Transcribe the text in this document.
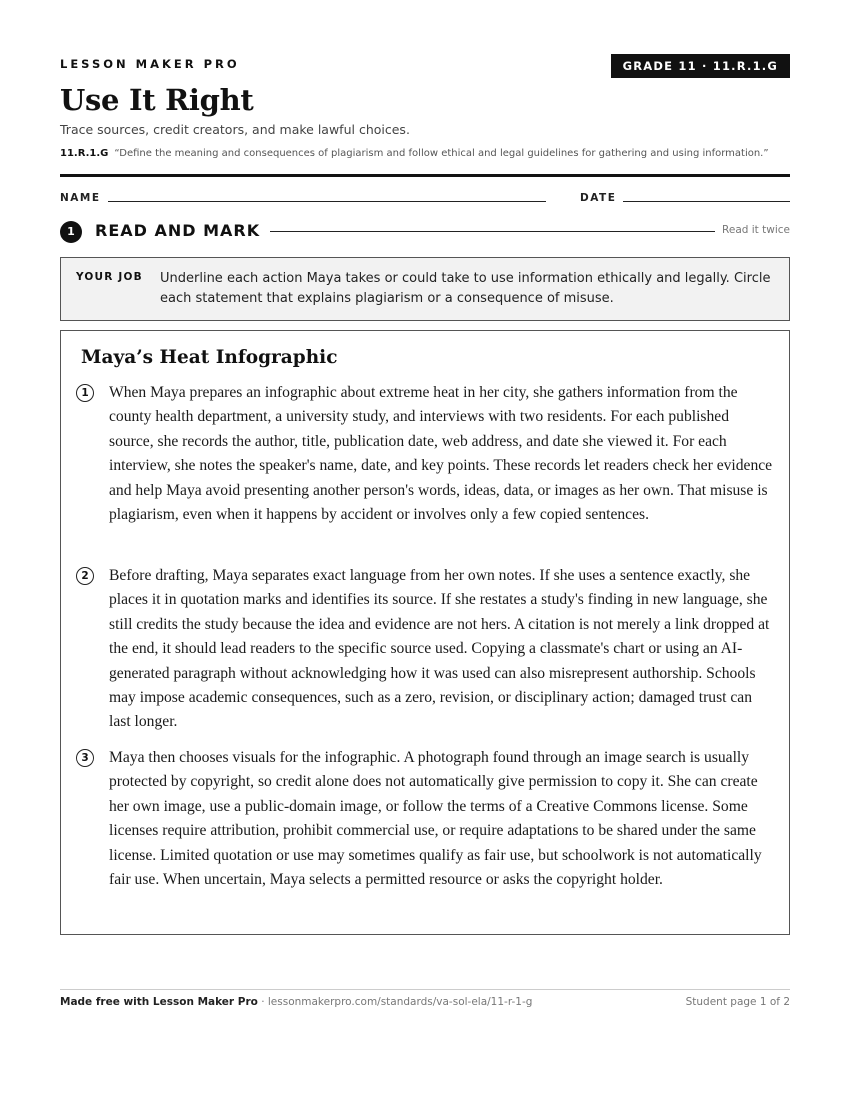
LESSON MAKER PRO	GRADE 11 · 11.R.1.G
Use It Right
Trace sources, credit creators, and make lawful choices.
11.R.1.G “Define the meaning and consequences of plagiarism and follow ethical and legal guidelines for gathering and using information.”
NAME	DATE
1	READ AND MARK	Read it twice
YOUR JOB Underline each action Maya takes or could take to use information ethically and legally. Circle each statement that explains plagiarism or a consequence of misuse.
Maya’s Heat Infographic
1	When Maya prepares an infographic about extreme heat in her city, she gathers information from the county health department, a university study, and interviews with two residents. For each published source, she records the author, title, publication date, web address, and date she viewed it. For each interview, she notes the speaker's name, date, and key points. These records let readers check her evidence and help Maya avoid presenting another person's words, ideas, data, or images as her own. That misuse is plagiarism, even when it happens by accident or involves only a few copied sentences.

2	Before drafting, Maya separates exact language from her own notes. If she uses a sentence exactly, she places it in quotation marks and identifies its source. If she restates a study's finding in new language, she still credits the study because the idea and evidence are not hers. A citation is not merely a link dropped at the end, it should lead readers to the specific source used. Copying a classmate's chart or using an AI-generated paragraph without acknowledging how it was used can also misrepresent authorship. Schools may impose academic consequences, such as a zero, revision, or disciplinary action; damaged trust can last longer.

3	Maya then chooses visuals for the infographic. A photograph found through an image search is usually protected by copyright, so credit alone does not automatically give permission to copy it. She can create her own image, use a public-domain image, or follow the terms of a Creative Commons license. Some licenses require attribution, prohibit commercial use, or require adaptations to be shared under the same license. Limited quotation or use may sometimes qualify as fair use, but schoolwork is not automatically fair use. When uncertain, Maya selects a permitted resource or asks the copyright holder.

Made free with Lesson Maker Pro · lessonmakerpro.com/standards/va-sol-ela/11-r-1-g	Student page 1 of 2
